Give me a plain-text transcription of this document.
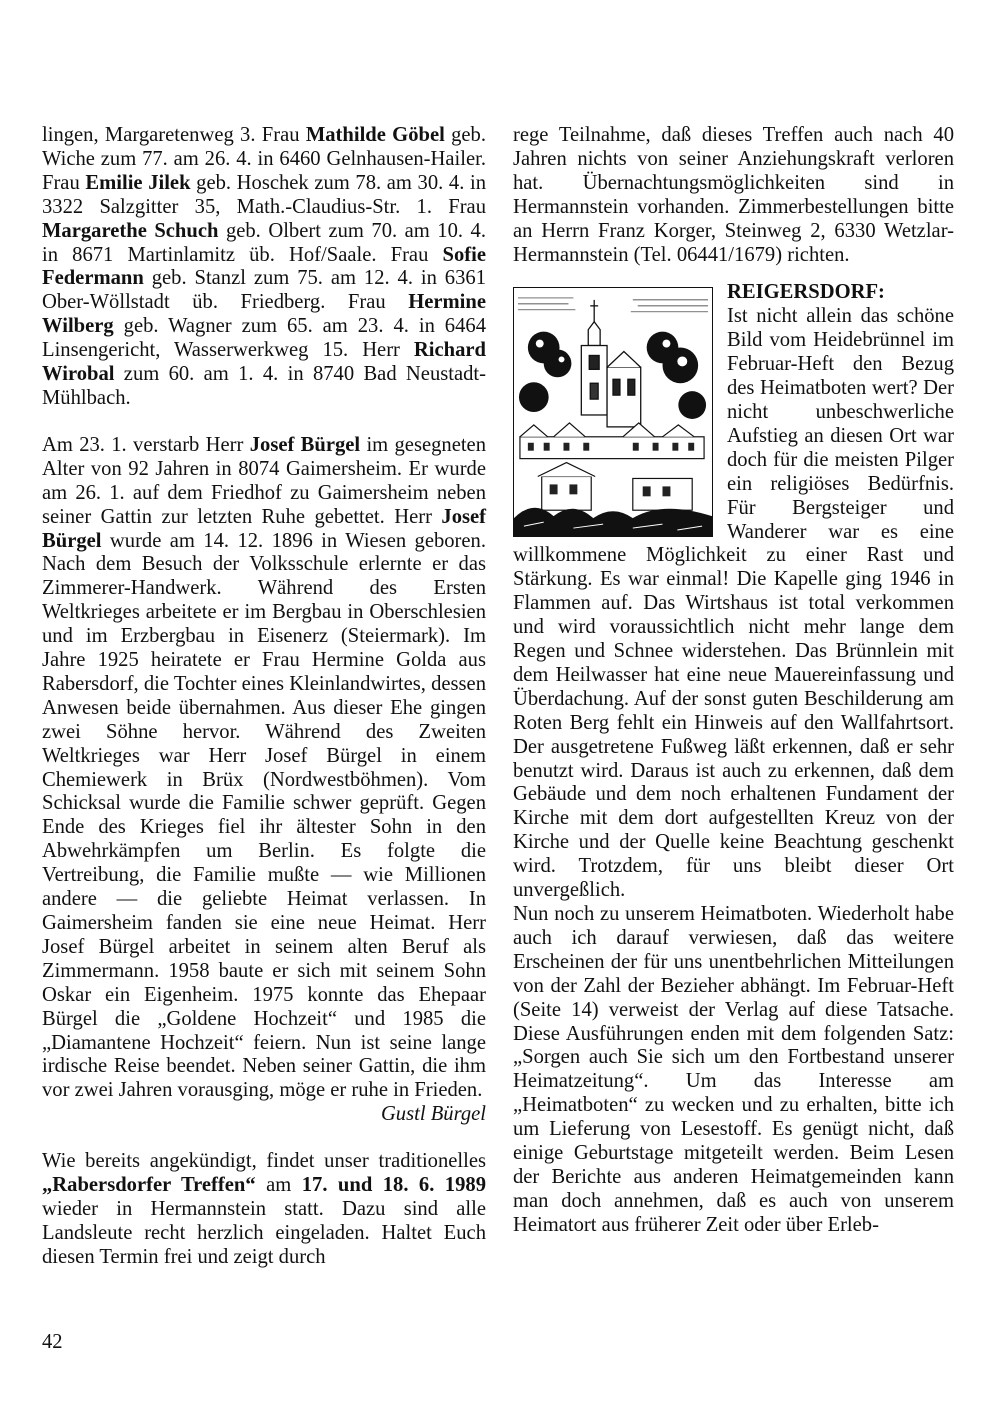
lingen, Margaretenweg 3. Frau Mathilde Göbel geb. Wiche zum 77. am 26. 4. in 6460 Gelnhausen-Hailer. Frau Emilie Jilek geb. Hoschek zum 78. am 30. 4. in 3322 Salzgitter 35, Math.-Claudius-Str. 1. Frau Margarethe Schuch geb. Olbert zum 70. am 10. 4. in 8671 Martinlamitz üb. Hof/Saale. Frau Sofie Federmann geb. Stanzl zum 75. am 12. 4. in 6361 Ober-Wöllstadt üb. Friedberg. Frau Hermine Wilberg geb. Wagner zum 65. am 23. 4. in 6464 Linsengericht, Wasserwerkweg 15. Herr Richard Wirobal zum 60. am 1. 4. in 8740 Bad Neustadt-Mühlbach.

Am 23. 1. verstarb Herr Josef Bürgel im gesegneten Alter von 92 Jahren in 8074 Gaimersheim. Er wurde am 26. 1. auf dem Friedhof zu Gaimersheim neben seiner Gattin zur letzten Ruhe gebettet. Herr Josef Bürgel wurde am 14. 12. 1896 in Wiesen geboren. Nach dem Besuch der Volksschule erlernte er das Zimmerer-Handwerk. Während des Ersten Weltkrieges arbeitete er im Bergbau in Oberschlesien und im Erzbergbau in Eisenerz (Steiermark). Im Jahre 1925 heiratete er Frau Hermine Golda aus Rabersdorf, die Tochter eines Kleinlandwirtes, dessen Anwesen beide übernahmen. Aus dieser Ehe gingen zwei Söhne hervor. Während des Zweiten Weltkrieges war Herr Josef Bürgel in einem Chemiewerk in Brüx (Nordwestböhmen). Vom Schicksal wurde die Familie schwer geprüft. Gegen Ende des Krieges fiel ihr ältester Sohn in den Abwehrkämpfen um Berlin. Es folgte die Vertreibung, die Familie mußte — wie Millionen andere — die geliebte Heimat verlassen. In Gaimersheim fanden sie eine neue Heimat. Herr Josef Bürgel arbeitet in seinem alten Beruf als Zimmermann. 1958 baute er sich mit seinem Sohn Oskar ein Eigenheim. 1975 konnte das Ehepaar Bürgel die „Goldene Hochzeit“ und 1985 die „Diamantene Hochzeit“ feiern. Nun ist seine lange irdische Reise beendet. Neben seiner Gattin, die ihm vor zwei Jahren vorausging, möge er ruhe in Frieden.
Gustl Bürgel

Wie bereits angekündigt, findet unser traditionelles „Rabersdorfer Treffen“ am 17. und 18. 6. 1989 wieder in Hermannstein statt. Dazu sind alle Landsleute recht herzlich eingeladen. Haltet Euch diesen Termin frei und zeigt durch

rege Teilnahme, daß dieses Treffen auch nach 40 Jahren nichts von seiner Anziehungskraft verloren hat. Übernachtungsmöglichkeiten sind in Hermannstein vorhanden. Zimmerbestellungen bitte an Herrn Franz Korger, Steinweg 2, 6330 Wetzlar-Hermannstein (Tel. 06441/1679) richten.

REIGERSDORF:
Ist nicht allein das schöne Bild vom Heidebrünnel im Februar-Heft den Bezug des Heimatboten wert? Der nicht unbeschwerliche Aufstieg an diesen Ort war doch für die meisten Pilger ein religiöses Bedürfnis. Für Bergsteiger und Wanderer war es eine willkommene Möglichkeit zu einer Rast und Stärkung. Es war einmal! Die Kapelle ging 1946 in Flammen auf. Das Wirtshaus ist total verkommen und wird voraussichtlich nicht mehr lange dem Regen und Schnee widerstehen. Das Brünnlein mit dem Heilwasser hat eine neue Mauereinfassung und Überdachung. Auf der sonst guten Beschilderung am Roten Berg fehlt ein Hinweis auf den Wallfahrtsort. Der ausgetretene Fußweg läßt erkennen, daß er sehr benutzt wird. Daraus ist auch zu erkennen, daß dem Gebäude und dem noch erhaltenen Fundament der Kirche mit dem dort aufgestellten Kreuz von der Kirche und der Quelle keine Beachtung geschenkt wird. Trotzdem, für uns bleibt dieser Ort unvergeßlich.

Nun noch zu unserem Heimatboten. Wiederholt habe auch ich darauf verwiesen, daß das weitere Erscheinen der für uns unentbehrlichen Mitteilungen von der Zahl der Bezieher abhängt. Im Februar-Heft (Seite 14) verweist der Verlag auf diese Tatsache. Diese Ausführungen enden mit dem folgenden Satz: „Sorgen auch Sie sich um den Fortbestand unserer Heimatzeitung“. Um das Interesse am „Heimatboten“ zu wecken und zu erhalten, bitte ich um Lieferung von Lesestoff. Es genügt nicht, daß einige Geburtstage mitgeteilt werden. Beim Lesen der Berichte aus anderen Heimatgemeinden kann man doch annehmen, daß es auch von unserem Heimatort aus früherer Zeit oder über Erleb-

42
